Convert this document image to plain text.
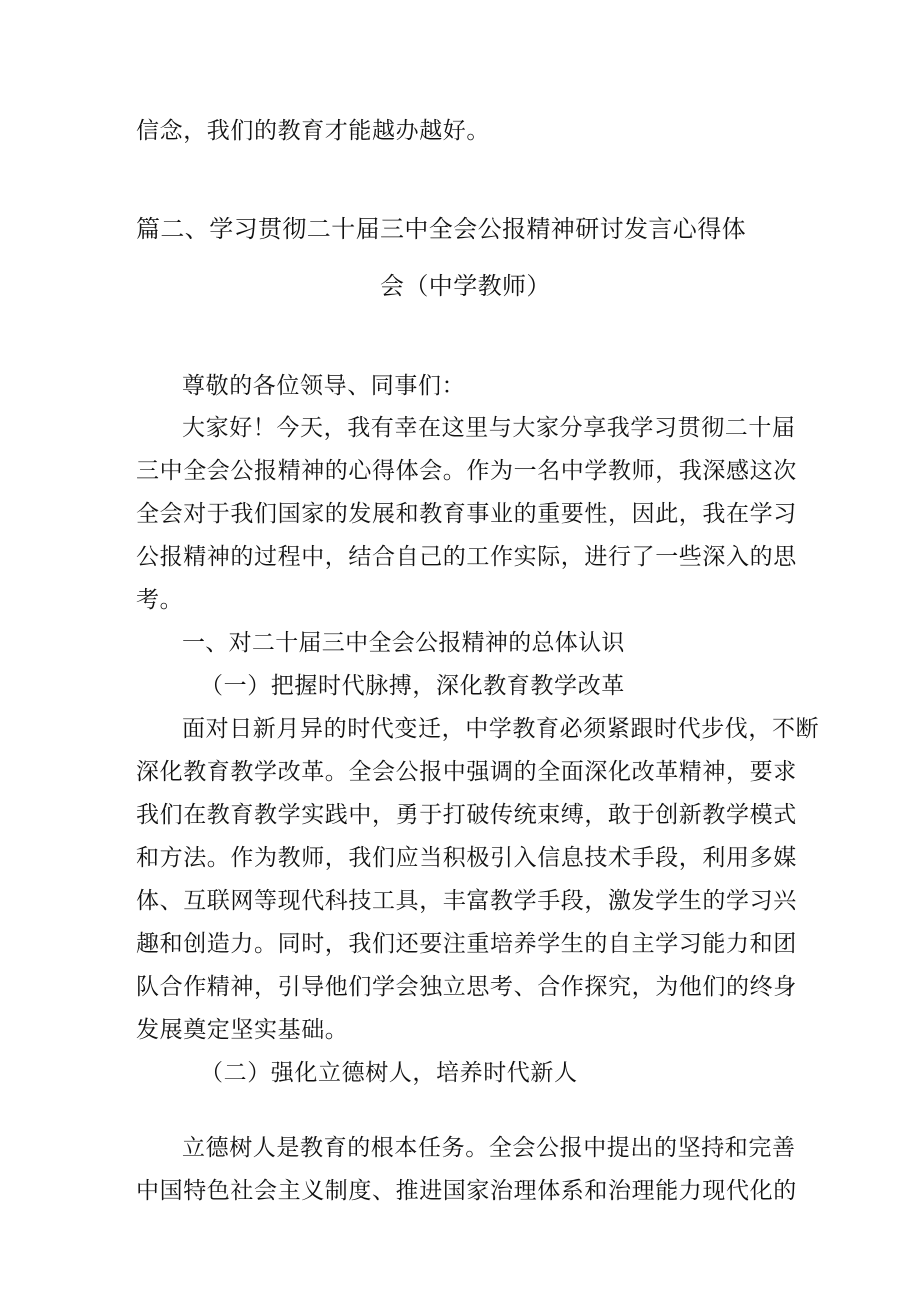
信念，我们的教育才能越办越好。
篇二、学习贯彻二十届三中全会公报精神研讨发言心得体
会（中学教师）
尊敬的各位领导、同事们：
大家好！今天，我有幸在这里与大家分享我学习贯彻二十届
三中全会公报精神的心得体会。作为一名中学教师，我深感这次
全会对于我们国家的发展和教育事业的重要性，因此，我在学习
公报精神的过程中，结合自己的工作实际，进行了一些深入的思
考。
一、对二十届三中全会公报精神的总体认识
（一）把握时代脉搏，深化教育教学改革
面对日新月异的时代变迁，中学教育必须紧跟时代步伐，不断
深化教育教学改革。全会公报中强调的全面深化改革精神，要求
我们在教育教学实践中，勇于打破传统束缚，敢于创新教学模式
和方法。作为教师，我们应当积极引入信息技术手段，利用多媒
体、互联网等现代科技工具，丰富教学手段，激发学生的学习兴
趣和创造力。同时，我们还要注重培养学生的自主学习能力和团
队合作精神，引导他们学会独立思考、合作探究，为他们的终身
发展奠定坚实基础。
（二）强化立德树人，培养时代新人
立德树人是教育的根本任务。全会公报中提出的坚持和完善
中国特色社会主义制度、推进国家治理体系和治理能力现代化的
